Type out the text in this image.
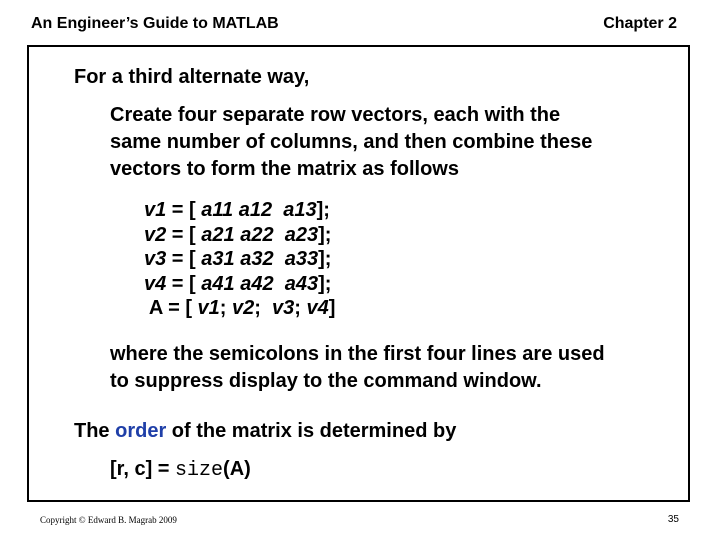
An Engineer’s Guide to MATLAB	Chapter 2
For a third alternate way,
Create four separate row vectors, each with the
same number of columns, and then combine these
vectors to form the matrix as follows
v1 = [ a11 a12 a13];
v2 = [ a21 a22 a23];
v3 = [ a31 a32 a33];
v4 = [ a41 a42 a43];
A = [ v1; v2;  v3; v4]
where the semicolons in the first four lines are used
to suppress display to the command window.
The order of the matrix is determined by
[r, c] = size(A)
Copyright © Edward B. Magrab 2009	35
